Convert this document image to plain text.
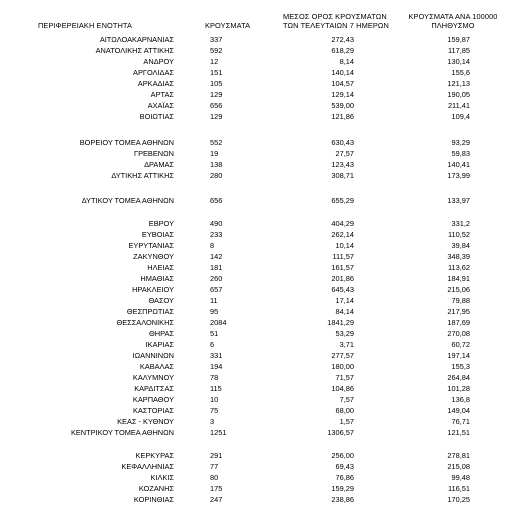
ΠΕΡΙΦΕΡΕΙΑΚΗ ΕΝΟΤΗΤΑ	ΚΡΟΥΣΜΑΤΑ
ΜΕΣΟΣ ΟΡΟΣ ΚΡΟΥΣΜΑΤΩΝ
ΤΩΝ ΤΕΛΕΥΤΑΙΩΝ 7 ΗΜΕΡΩΝ
ΚΡΟΥΣΜΑΤΑ ΑΝΑ 100000
ΠΛΗΘΥΣΜΟ
ΑΙΤΩΛΟΑΚΑΡΝΑΝΙΑΣ	337	272,43	159,87
ΑΝΑΤΟΛΙΚΗΣ ΑΤΤΙΚΗΣ	592	618,29	117,85
ΑΝΔΡΟΥ	12	8,14	130,14
ΑΡΓΟΛΙΔΑΣ	151	140,14	155,6
ΑΡΚΑΔΙΑΣ	105	104,57	121,13
ΑΡΤΑΣ	129	129,14	190,05
ΑΧΑΪΑΣ	656	539,00	211,41
ΒΟΙΩΤΙΑΣ	129	121,86	109,4
ΒΟΡΕΙΟΥ ΤΟΜΕΑ ΑΘΗΝΩΝ	552	630,43	93,29
ΓΡΕΒΕΝΩΝ	19	27,57	59,83
ΔΡΑΜΑΣ	138	123,43	140,41
ΔΥΤΙΚΗΣ ΑΤΤΙΚΗΣ	280	308,71	173,99
ΔΥΤΙΚΟΥ ΤΟΜΕΑ ΑΘΗΝΩΝ	656	655,29	133,97
ΕΒΡΟΥ	490	404,29	331,2
ΕΥΒΟΙΑΣ	233	262,14	110,52
ΕΥΡΥΤΑΝΙΑΣ	8	10,14	39,84
ΖΑΚΥΝΘΟΥ	142	111,57	348,39
ΗΛΕΙΑΣ	181	161,57	113,62
ΗΜΑΘΙΑΣ	260	201,86	184,91
ΗΡΑΚΛΕΙΟΥ	657	645,43	215,06
ΘΑΣΟΥ	11	17,14	79,88
ΘΕΣΠΡΩΤΙΑΣ	95	84,14	217,95
ΘΕΣΣΑΛΟΝΙΚΗΣ	2084	1841,29	187,69
ΘΗΡΑΣ	51	53,29	270,08
ΙΚΑΡΙΑΣ	6	3,71	60,72
ΙΩΑΝΝΙΝΩΝ	331	277,57	197,14
ΚΑΒΑΛΑΣ	194	180,00	155,3
ΚΑΛΥΜΝΟΥ	78	71,57	264,84
ΚΑΡΔΙΤΣΑΣ	115	104,86	101,28
ΚΑΡΠΑΘΟΥ	10	7,57	136,8
ΚΑΣΤΟΡΙΑΣ	75	68,00	149,04
ΚΕΑΣ - ΚΥΘΝΟΥ	3	1,57	76,71
ΚΕΝΤΡΙΚΟΥ ΤΟΜΕΑ ΑΘΗΝΩΝ	1251	1306,57	121,51
ΚΕΡΚΥΡΑΣ	291	256,00	278,81
ΚΕΦΑΛΛΗΝΙΑΣ	77	69,43	215,08
ΚΙΛΚΙΣ	80	76,86	99,48
ΚΟΖΑΝΗΣ	175	159,29	116,51
ΚΟΡΙΝΘΙΑΣ	247	238,86	170,25
